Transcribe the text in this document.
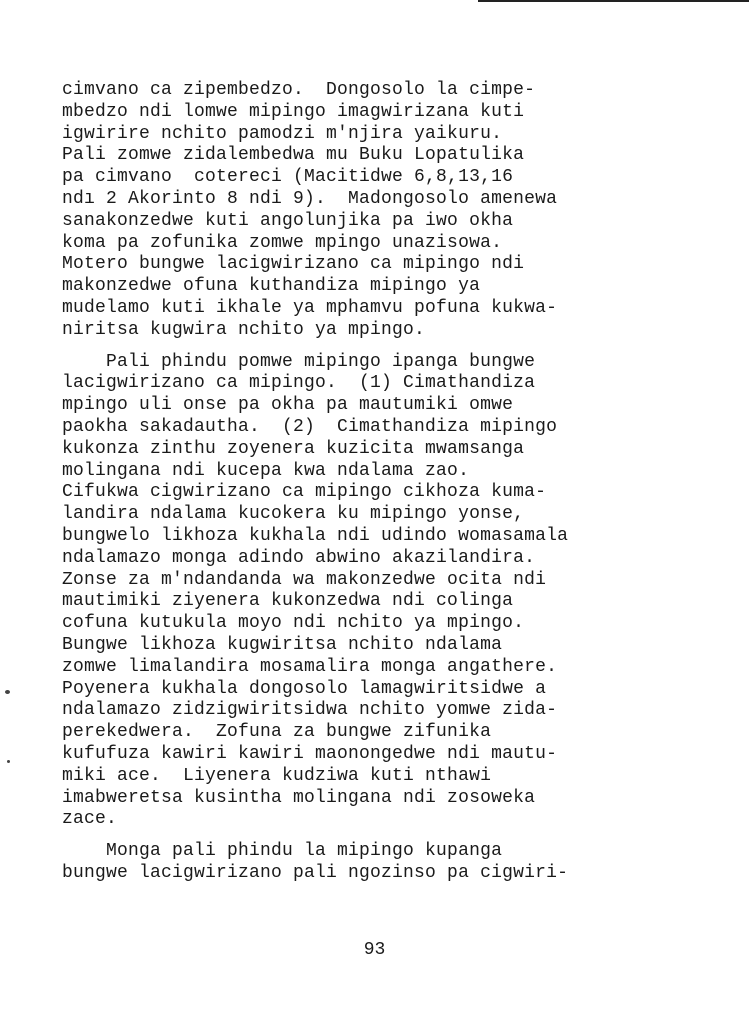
cimvano ca zipembedzo.  Dongosolo la cimpe-
mbedzo ndi lomwe mipingo imagwirizana kuti
igwirire nchito pamodzi m'njira yaikuru.
Pali zomwe zidalembedwa mu Buku Lopatulika
pa cimvano  cotereci (Macitidwe 6,8,13,16
ndı 2 Akorinto 8 ndi 9).  Madongosolo amenewa
sanakonzedwe kuti angolunjika pa iwo okha
koma pa zofunika zomwe mpingo unazisowa.
Motero bungwe lacigwirizano ca mipingo ndi
makonzedwe ofuna kuthandiza mipingo ya
mudelamo kuti ikhale ya mphamvu pofuna kukwa-
niritsa kugwira nchito ya mpingo.
Pali phindu pomwe mipingo ipanga bungwe
lacigwirizano ca mipingo.  (1) Cimathandiza
mpingo uli onse pa okha pa mautumiki omwe
paokha sakadautha.  (2)  Cimathandiza mipingo
kukonza zinthu zoyenera kuzicita mwamsanga
molingana ndi kucepa kwa ndalama zao.
Cifukwa cigwirizano ca mipingo cikhoza kuma-
landira ndalama kucokera ku mipingo yonse,
bungwelo likhoza kukhala ndi udindo womasamala
ndalamazo monga adindo abwino akazilandira.
Zonse za m'ndandanda wa makonzedwe ocita ndi
mautimiki ziyenera kukonzedwa ndi colinga
cofuna kutukula moyo ndi nchito ya mpingo.
Bungwe likhoza kugwiritsa nchito ndalama
zomwe limalandira mosamalira monga angathere.
Poyenera kukhala dongosolo lamagwiritsidwe a
ndalamazo zidzigwiritsidwa nchito yomwe zida-
perekedwera.  Zofuna za bungwe zifunika
kufufuza kawiri kawiri maonongedwe ndi mautu-
miki ace.  Liyenera kudziwa kuti nthawi
imabweretsa kusintha molingana ndi zosoweka
zace.
Monga pali phindu la mipingo kupanga
bungwe lacigwirizano pali ngozinso pa cigwiri-
93
